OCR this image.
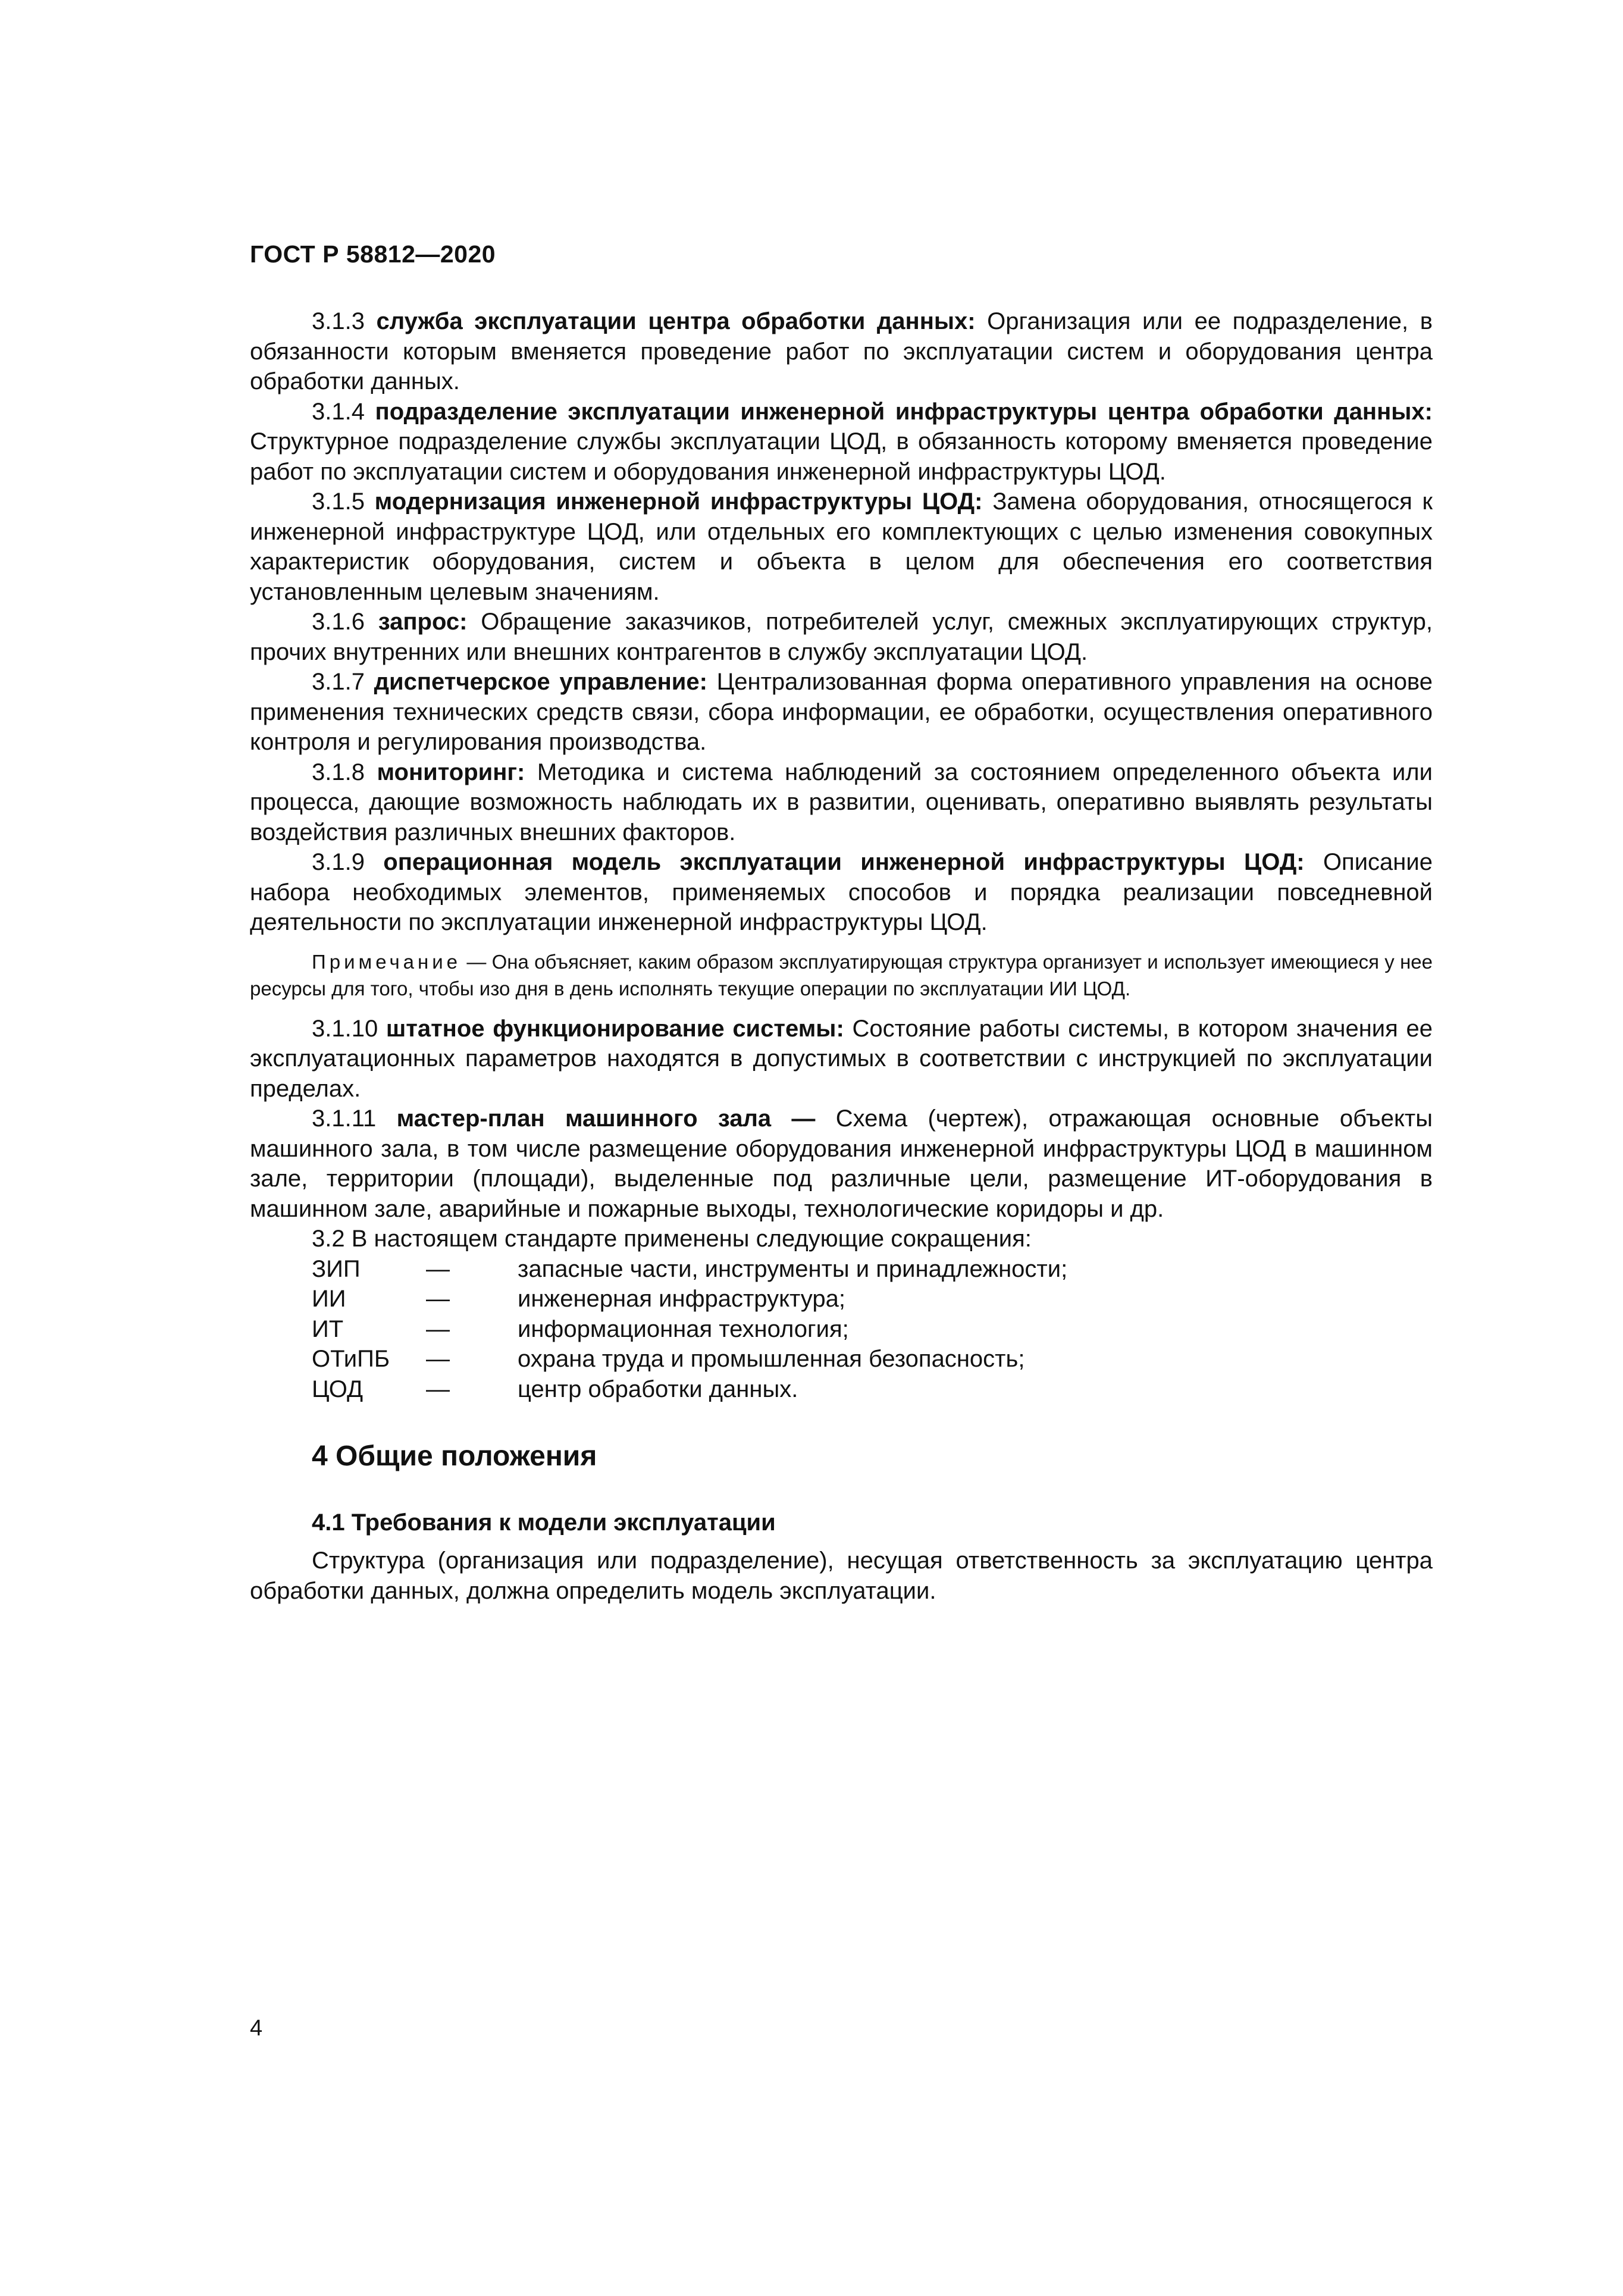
ГОСТ Р 58812—2020

3.1.3 служба эксплуатации центра обработки данных: Организация или ее подразделение, в обязанности которым вменяется проведение работ по эксплуатации систем и оборудования центра обработки данных.

3.1.4 подразделение эксплуатации инженерной инфраструктуры центра обработки данных: Структурное подразделение службы эксплуатации ЦОД, в обязанность которому вменяется проведение работ по эксплуатации систем и оборудования инженерной инфраструктуры ЦОД.

3.1.5 модернизация инженерной инфраструктуры ЦОД: Замена оборудования, относящегося к инженерной инфраструктуре ЦОД, или отдельных его комплектующих с целью изменения совокупных характеристик оборудования, систем и объекта в целом для обеспечения его соответствия установленным целевым значениям.

3.1.6 запрос: Обращение заказчиков, потребителей услуг, смежных эксплуатирующих структур, прочих внутренних или внешних контрагентов в службу эксплуатации ЦОД.

3.1.7 диспетчерское управление: Централизованная форма оперативного управления на основе применения технических средств связи, сбора информации, ее обработки, осуществления оперативного контроля и регулирования производства.

3.1.8 мониторинг: Методика и система наблюдений за состоянием определенного объекта или процесса, дающие возможность наблюдать их в развитии, оценивать, оперативно выявлять результаты воздействия различных внешних факторов.

3.1.9 операционная модель эксплуатации инженерной инфраструктуры ЦОД: Описание набора необходимых элементов, применяемых способов и порядка реализации повседневной деятельности по эксплуатации инженерной инфраструктуры ЦОД.

Примечание — Она объясняет, каким образом эксплуатирующая структура организует и использует имеющиеся у нее ресурсы для того, чтобы изо дня в день исполнять текущие операции по эксплуатации ИИ ЦОД.

3.1.10 штатное функционирование системы: Состояние работы системы, в котором значения ее эксплуатационных параметров находятся в допустимых в соответствии с инструкцией по эксплуатации пределах.

3.1.11 мастер-план машинного зала — Схема (чертеж), отражающая основные объекты машинного зала, в том числе размещение оборудования инженерной инфраструктуры ЦОД в машинном зале, территории (площади), выделенные под различные цели, размещение ИТ-оборудования в машинном зале, аварийные и пожарные выходы, технологические коридоры и др.

3.2 В настоящем стандарте применены следующие сокращения:

ЗИП	—	запасные части, инструменты и принадлежности;
ИИ	—	инженерная инфраструктура;
ИТ	—	информационная технология;
ОТиПБ	—	охрана труда и промышленная безопасность;
ЦОД	—	центр обработки данных.
4 Общие положения
4.1 Требования к модели эксплуатации

Структура (организация или подразделение), несущая ответственность за эксплуатацию центра обработки данных, должна определить модель эксплуатации.

4
